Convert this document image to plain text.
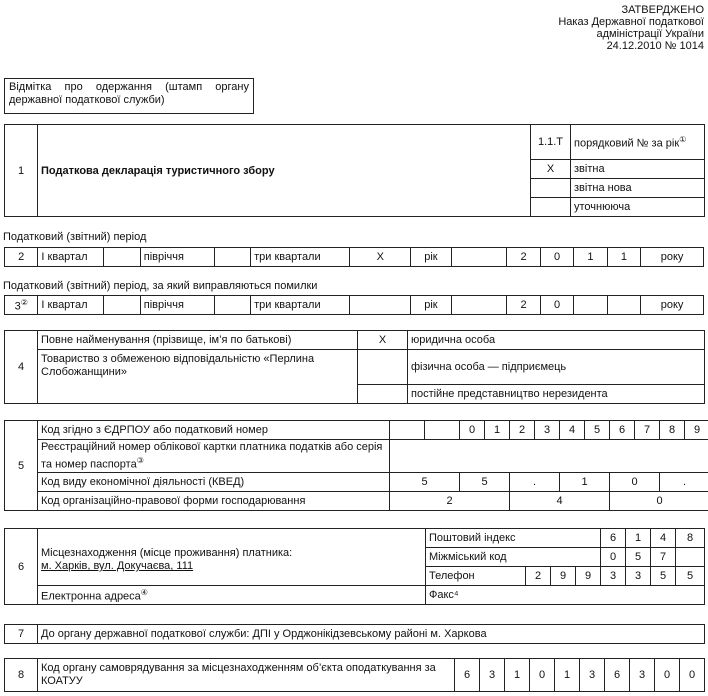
ЗАТВЕРДЖЕНО
Наказ Державної податкової
адміністрації України
24.12.2010 № 1014
Відмітка про одержання (штамп органу державної податкової служби)
1	Податкова декларація туристичного збору	1.1.Т	порядковий № за рік①
		X	звітна
			звітна нова
			уточнююча
Податковий (звітний) період
2	I квартал		півріччя		три квартали	X	рік		2	0	1	1	року
Податковий (звітний) період, за який виправляються помилки
3②	I квартал		півріччя		три квартали		рік		2	0			року
4	Повне найменування (прізвище, ім’я по батькові)	X	юридична особа
	Товариство з обмеженою відповідальністю «Перлина Слобожанщини»		фізична особа — підприємець
			постійне представництво нерезидента
5	Код згідно з ЄДРПОУ або податковий номер			0	1	2	3	4	5	6	7	8	9	
	Реєстраційний номер облікової картки платника податків або серія та номер паспорта③	
	Код виду економічної діяльності (КВЕД)	5		5		.		1		0		.	
	Код організаційно-правової форми господарювання	2				4				0				
6	Місцезнаходження (місце проживання) платника:
м. Харків, вул. Докучаєва, 111	Поштовий індекс				6	1	4	8	
		Міжміський код				0	5	7		
		Телефон	2	9	9	3	3	5	5	
	Електронна адреса④	Факс⁴								
7	До органу державної податкової служби: ДПІ у Орджонікідзевському районі м. Харкова
8	Код органу самоврядування за місцезнаходженням об’єкта оподаткування за КОАТУУ	6	3	1	0	1	3	6	3	0	0
